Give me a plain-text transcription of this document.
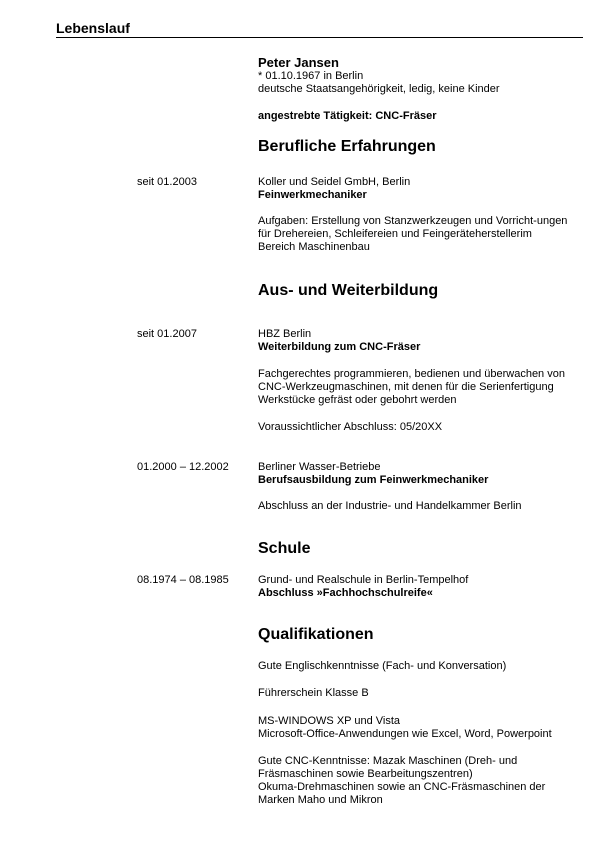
Lebenslauf
Peter Jansen
* 01.10.1967 in Berlin
deutsche Staatsangehörigkeit, ledig, keine Kinder
angestrebte Tätigkeit: CNC-Fräser
Berufliche Erfahrungen
seit 01.2003	Koller und Seidel GmbH, Berlin
Feinwerkmechaniker
Aufgaben: Erstellung von Stanzwerkzeugen und Vorricht-ungen
für Drehereien, Schleifereien und Feingeräteherstellerim
Bereich Maschinenbau
Aus- und Weiterbildung
seit 01.2007	HBZ Berlin
Weiterbildung zum CNC-Fräser
Fachgerechtes programmieren, bedienen und überwachen von
CNC-Werkzeugmaschinen, mit denen für die Serienfertigung
Werkstücke gefräst oder gebohrt werden
Voraussichtlicher Abschluss: 05/20XX
01.2000 – 12.2002	Berliner Wasser-Betriebe
Berufsausbildung zum Feinwerkmechaniker
Abschluss an der Industrie- und Handelkammer Berlin
Schule
08.1974 – 08.1985	Grund- und Realschule in Berlin-Tempelhof
Abschluss »Fachhochschulreife«
Qualifikationen
Gute Englischkenntnisse (Fach- und Konversation)
Führerschein Klasse B
MS-WINDOWS XP und Vista
Microsoft-Office-Anwendungen wie Excel, Word, Powerpoint
Gute CNC-Kenntnisse: Mazak Maschinen (Dreh- und
Fräsmaschinen sowie Bearbeitungszentren)
Okuma-Drehmaschinen sowie an CNC-Fräsmaschinen der
Marken Maho und Mikron
